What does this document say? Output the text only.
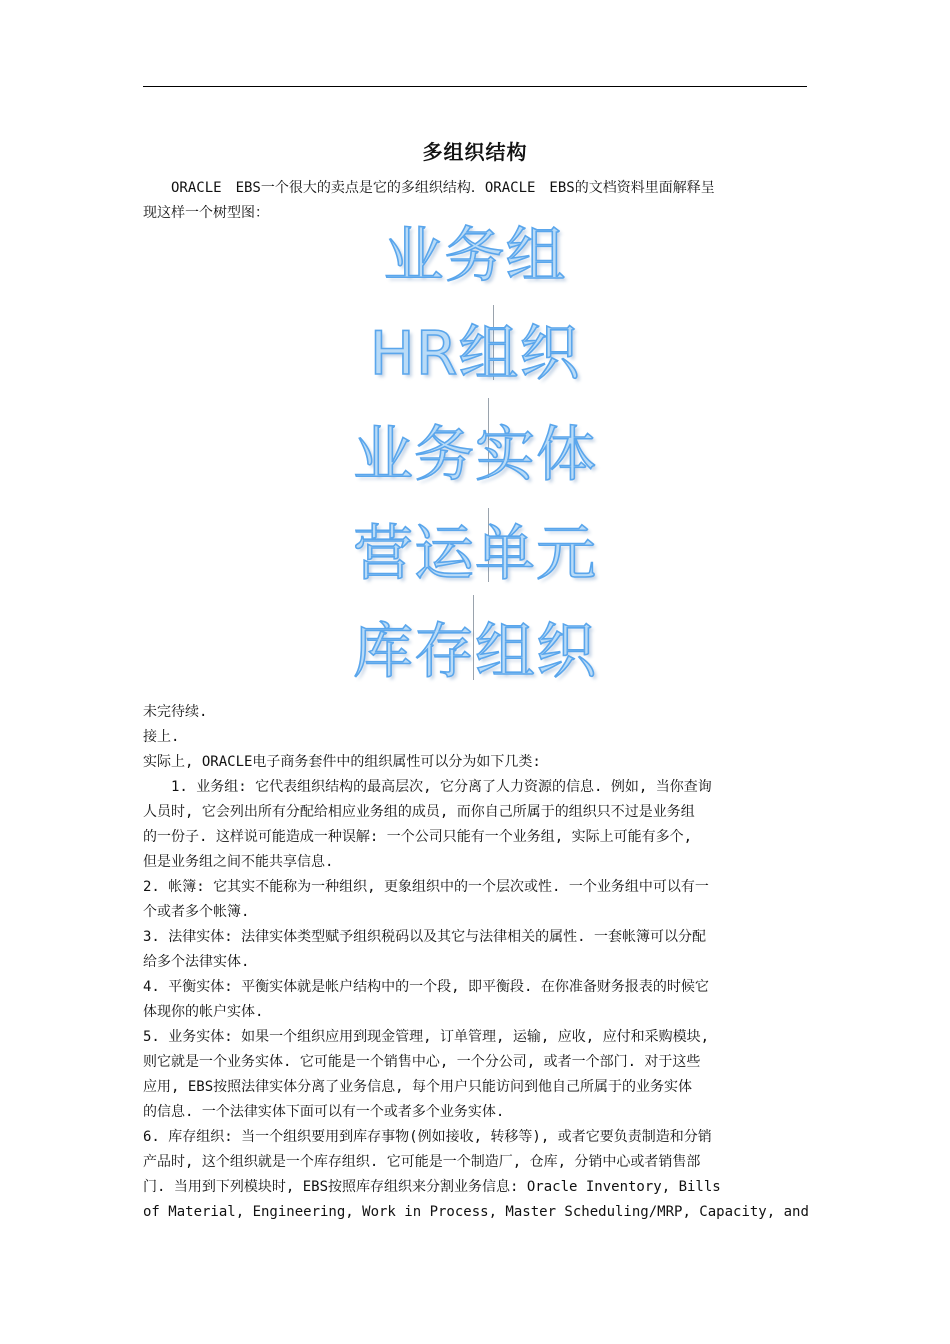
多组织结构
　　ORACLE　EBS一个很大的卖点是它的多组织结构．ORACLE　EBS的文档资料里面解释呈
现这样一个树型图：
业务组
HR组织
业务实体
营运单元
库存组织
未完待续.
接上.
实际上, ORACLE电子商务套件中的组织属性可以分为如下几类:
　　1. 业务组: 它代表组织结构的最高层次, 它分离了人力资源的信息. 例如, 当你查询
人员时, 它会列出所有分配给相应业务组的成员, 而你自己所属于的组织只不过是业务组
的一份子. 这样说可能造成一种误解: 一个公司只能有一个业务组, 实际上可能有多个,
但是业务组之间不能共享信息.
2. 帐簿: 它其实不能称为一种组织, 更象组织中的一个层次或性. 一个业务组中可以有一
个或者多个帐簿.
3. 法律实体: 法律实体类型赋予组织税码以及其它与法律相关的属性. 一套帐簿可以分配
给多个法律实体.
4. 平衡实体: 平衡实体就是帐户结构中的一个段, 即平衡段. 在你准备财务报表的时候它
体现你的帐户实体.
5. 业务实体: 如果一个组织应用到现金管理, 订单管理, 运输, 应收, 应付和采购模块,
则它就是一个业务实体. 它可能是一个销售中心, 一个分公司, 或者一个部门. 对于这些
应用, EBS按照法律实体分离了业务信息, 每个用户只能访问到他自己所属于的业务实体
的信息. 一个法律实体下面可以有一个或者多个业务实体.
6. 库存组织: 当一个组织要用到库存事物(例如接收, 转移等), 或者它要负责制造和分销
产品时, 这个组织就是一个库存组织. 它可能是一个制造厂, 仓库, 分销中心或者销售部
门. 当用到下列模块时, EBS按照库存组织来分割业务信息: Oracle Inventory, Bills
of Material, Engineering, Work in Process, Master Scheduling/MRP, Capacity, and
